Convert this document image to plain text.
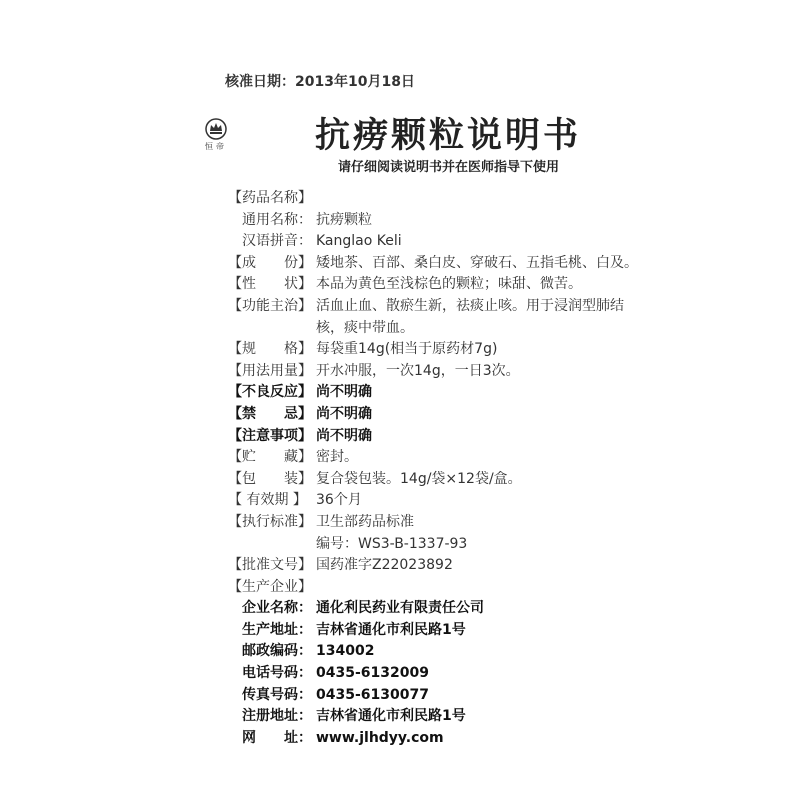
核准日期：2013年10月18日
恒帝	抗痨颗粒说明书
请仔细阅读说明书并在医师指导下使用
【药品名称】
通用名称： 抗痨颗粒
汉语拼音： Kanglao Keli
【成　　份】 矮地茶、百部、桑白皮、穿破石、五指毛桃、白及。
【性　　状】 本品为黄色至浅棕色的颗粒；味甜、微苦。
【功能主治】 活血止血、散瘀生新，祛痰止咳。用于浸润型肺结
核，痰中带血。
【规　　格】 每袋重14g(相当于原药材7g)
【用法用量】 开水冲服，一次14g，一日3次。
【不良反应】 尚不明确
【禁　　忌】 尚不明确
【注意事项】 尚不明确
【贮　　藏】 密封。
【包　　装】 复合袋包装。14g/袋×12袋/盒。
【 有效期 】 36个月
【执行标准】 卫生部药品标准
编号：WS3-B-1337-93
【批准文号】 国药准字Z22023892
【生产企业】
企业名称： 通化利民药业有限责任公司
生产地址： 吉林省通化市利民路1号
邮政编码： 134002
电话号码： 0435-6132009
传真号码： 0435-6130077
注册地址： 吉林省通化市利民路1号
网　　址： www.jlhdyy.com
